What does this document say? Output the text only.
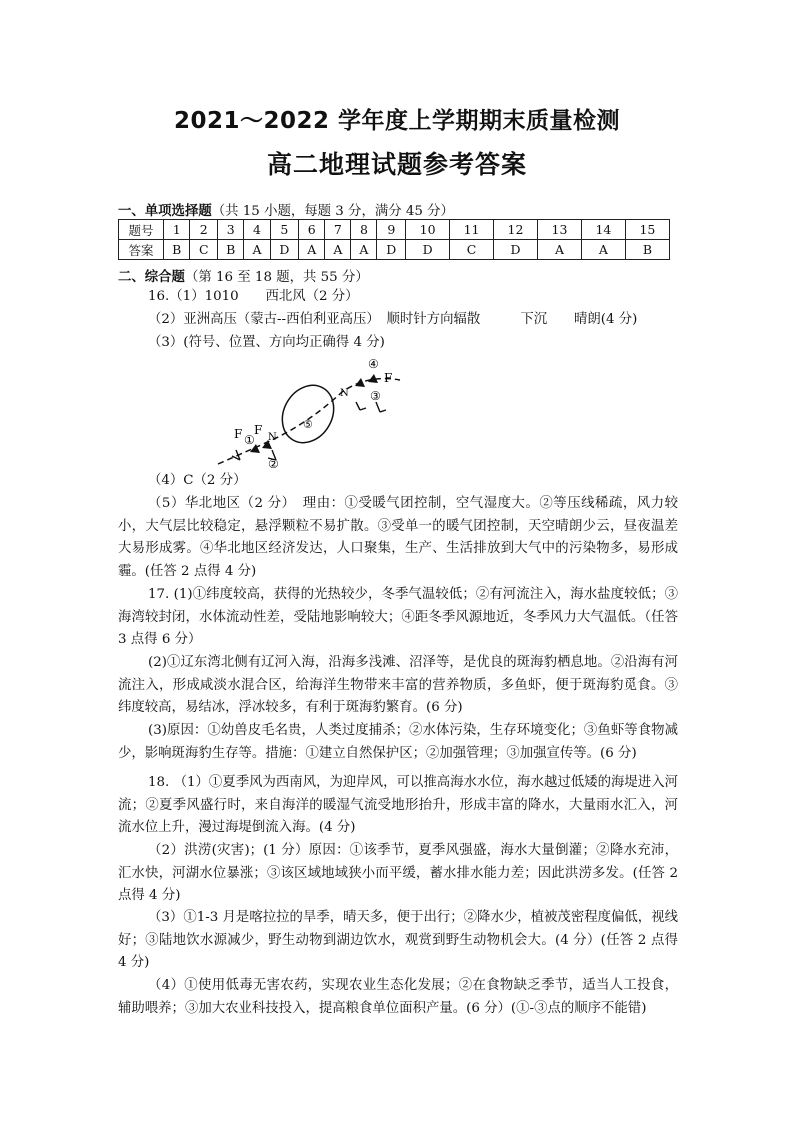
2021～2022 学年度上学期期末质量检测
高二地理试题参考答案
一、单项选择题（共 15 小题，每题 3 分，满分 45 分）
题号	1	2	3	4	5	6	7	8	9	10	11	12	13	14	15
答案	B	C	B	A	D	A	A	A	D	D	C	D	A	A	B
二、综合题（第 16 至 18 题，共 55 分）
16.（1）1010　　西北风（2 分）
（2）亚洲高压（蒙古--西伯利亚高压）　顺时针方向辐散　　　下沉　　晴朗(4 分)
（3）(符号、位置、方向均正确得 4 分)
F ①
F
N
②
⑤
N
④
F
③
（4）C（2 分）
（5）华北地区（2 分）　理由：①受暖气团控制，空气湿度大。②等压线稀疏，风力较小，大气层比较稳定，悬浮颗粒不易扩散。③受单一的暖气团控制，天空晴朗少云，昼夜温差大易形成雾。④华北地区经济发达，人口聚集，生产、生活排放到大气中的污染物多，易形成霾。(任答 2 点得 4 分)
17. (1)①纬度较高，获得的光热较少，冬季气温较低；②有河流注入，海水盐度较低；③海湾较封闭，水体流动性差，受陆地影响较大；④距冬季风源地近，冬季风力大气温低。（任答 3 点得 6 分）
(2)①辽东湾北侧有辽河入海，沿海多浅滩、沼泽等，是优良的斑海豹栖息地。②沿海有河流注入，形成咸淡水混合区，给海洋生物带来丰富的营养物质，多鱼虾，便于斑海豹觅食。③纬度较高，易结冰，浮冰较多，有利于斑海豹繁育。(6 分)
(3)原因：①幼兽皮毛名贵，人类过度捕杀；②水体污染，生存环境变化；③鱼虾等食物减少，影响斑海豹生存等。措施：①建立自然保护区；②加强管理；③加强宣传等。(6 分)
18. （1）①夏季风为西南风，为迎岸风，可以推高海水水位，海水越过低矮的海堤进入河流；②夏季风盛行时，来自海洋的暖湿气流受地形抬升，形成丰富的降水，大量雨水汇入，河流水位上升，漫过海堤倒流入海。(4 分)
（2）洪涝(灾害)；(1 分）原因：①该季节，夏季风强盛，海水大量倒灌；②降水充沛，汇水快，河湖水位暴涨；③该区域地域狭小而平缓，蓄水排水能力差；因此洪涝多发。(任答 2 点得 4 分)
（3）①1-3 月是喀拉拉的旱季，晴天多，便于出行；②降水少，植被茂密程度偏低，视线好；③陆地饮水源减少，野生动物到湖边饮水，观赏到野生动物机会大。(4 分）(任答 2 点得 4 分)
（4）①使用低毒无害农药，实现农业生态化发展；②在食物缺乏季节，适当人工投食，辅助喂养；③加大农业科技投入，提高粮食单位面积产量。(6 分）(①-③点的顺序不能错)
